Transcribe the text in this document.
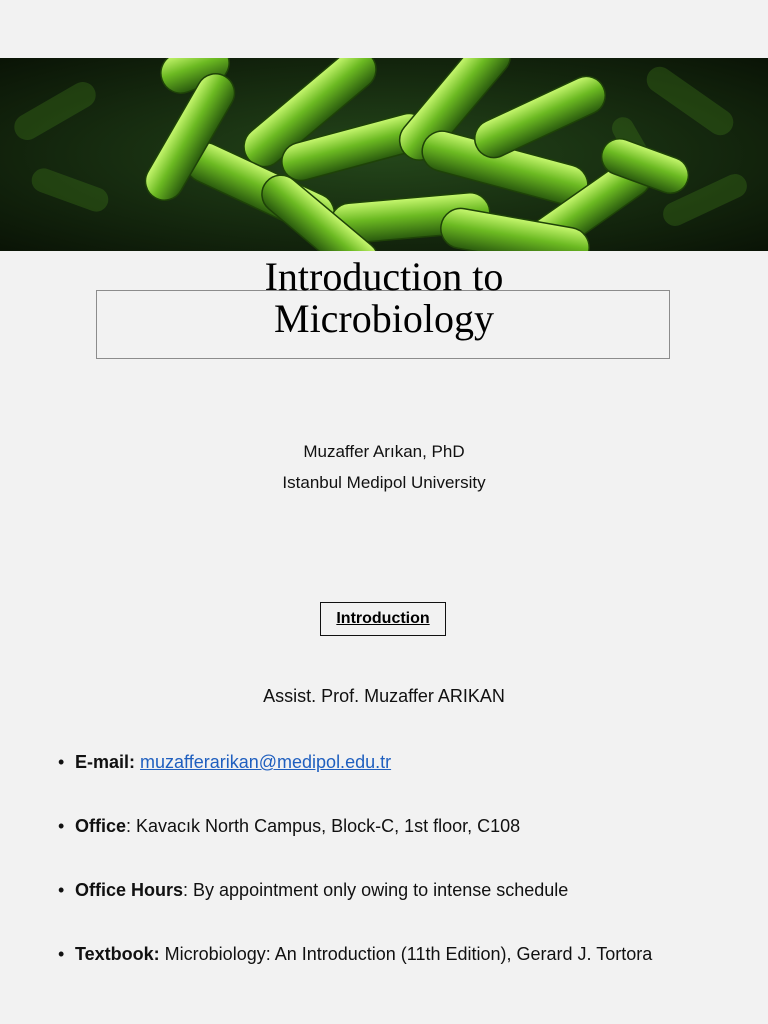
Introduction to
Microbiology
Muzaffer Arıkan, PhD
Istanbul Medipol University
Introduction
Assist. Prof. Muzaffer ARIKAN
• E-mail: muzafferarikan@medipol.edu.tr
• Office: Kavacık North Campus, Block-C, 1st floor, C108
• Office Hours: By appointment only owing to intense schedule
• Textbook: Microbiology: An Introduction (11th Edition), Gerard J. Tortora
